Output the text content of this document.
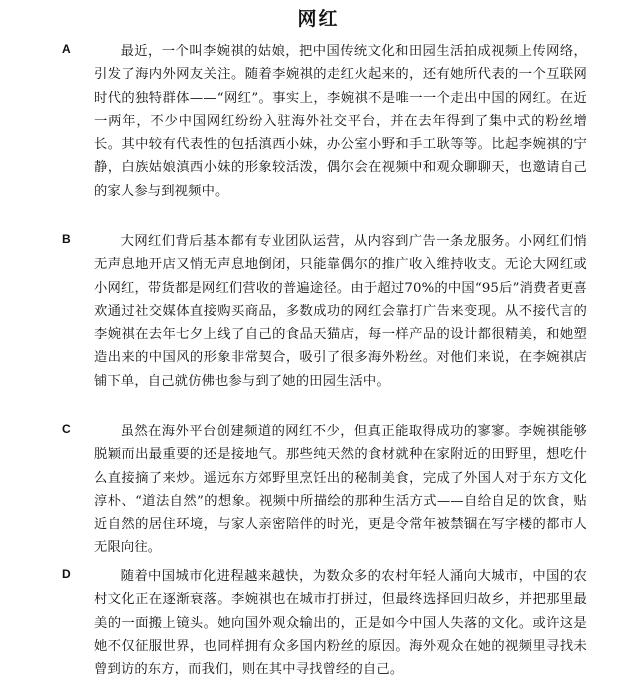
网红
A	最近，一个叫李婉祺的姑娘，把中国传统文化和田园生活拍成视频上传网络，引发了海内外网友关注。随着李婉祺的走红火起来的，还有她所代表的一个互联网时代的独特群体——“网红”。事实上，李婉祺不是唯一一个走出中国的网红。在近一两年，不少中国网红纷纷入驻海外社交平台，并在去年得到了集中式的粉丝增长。其中较有代表性的包括滇西小妹，办公室小野和手工耿等等。比起李婉祺的宁静，白族姑娘滇西小妹的形象较活泼，偶尔会在视频中和观众聊聊天，也邀请自己的家人参与到视频中。
B	大网红们背后基本都有专业团队运营，从内容到广告一条龙服务。小网红们悄无声息地开店又悄无声息地倒闭，只能靠偶尔的推广收入维持收支。无论大网红或小网红，带货都是网红们营收的普遍途径。由于超过70%的中国“95后”消费者更喜欢通过社交媒体直接购买商品，多数成功的网红会靠打广告来变现。从不接代言的李婉祺在去年七夕上线了自己的食品天猫店，每一样产品的设计都很精美，和她塑造出来的中国风的形象非常契合，吸引了很多海外粉丝。对他们来说，在李婉祺店铺下单，自己就仿佛也参与到了她的田园生活中。
C	虽然在海外平台创建频道的网红不少，但真正能取得成功的寥寥。李婉祺能够脱颖而出最重要的还是接地气。那些纯天然的食材就种在家附近的田野里，想吃什么直接摘了来炒。遥远东方郊野里烹饪出的秘制美食，完成了外国人对于东方文化淳朴、“道法自然”的想象。视频中所描绘的那种生活方式——自给自足的饮食，贴近自然的居住环境，与家人亲密陪伴的时光，更是令常年被禁锢在写字楼的都市人无限向往。
D	随着中国城市化进程越来越快，为数众多的农村年轻人涌向大城市，中国的农村文化正在逐渐衰落。李婉祺也在城市打拼过，但最终选择回归故乡，并把那里最美的一面搬上镜头。她向国外观众输出的，正是如今中国人失落的文化。或许这是她不仅征服世界，也同样拥有众多国内粉丝的原因。海外观众在她的视频里寻找未曾到访的东方，而我们，则在其中寻找曾经的自己。
